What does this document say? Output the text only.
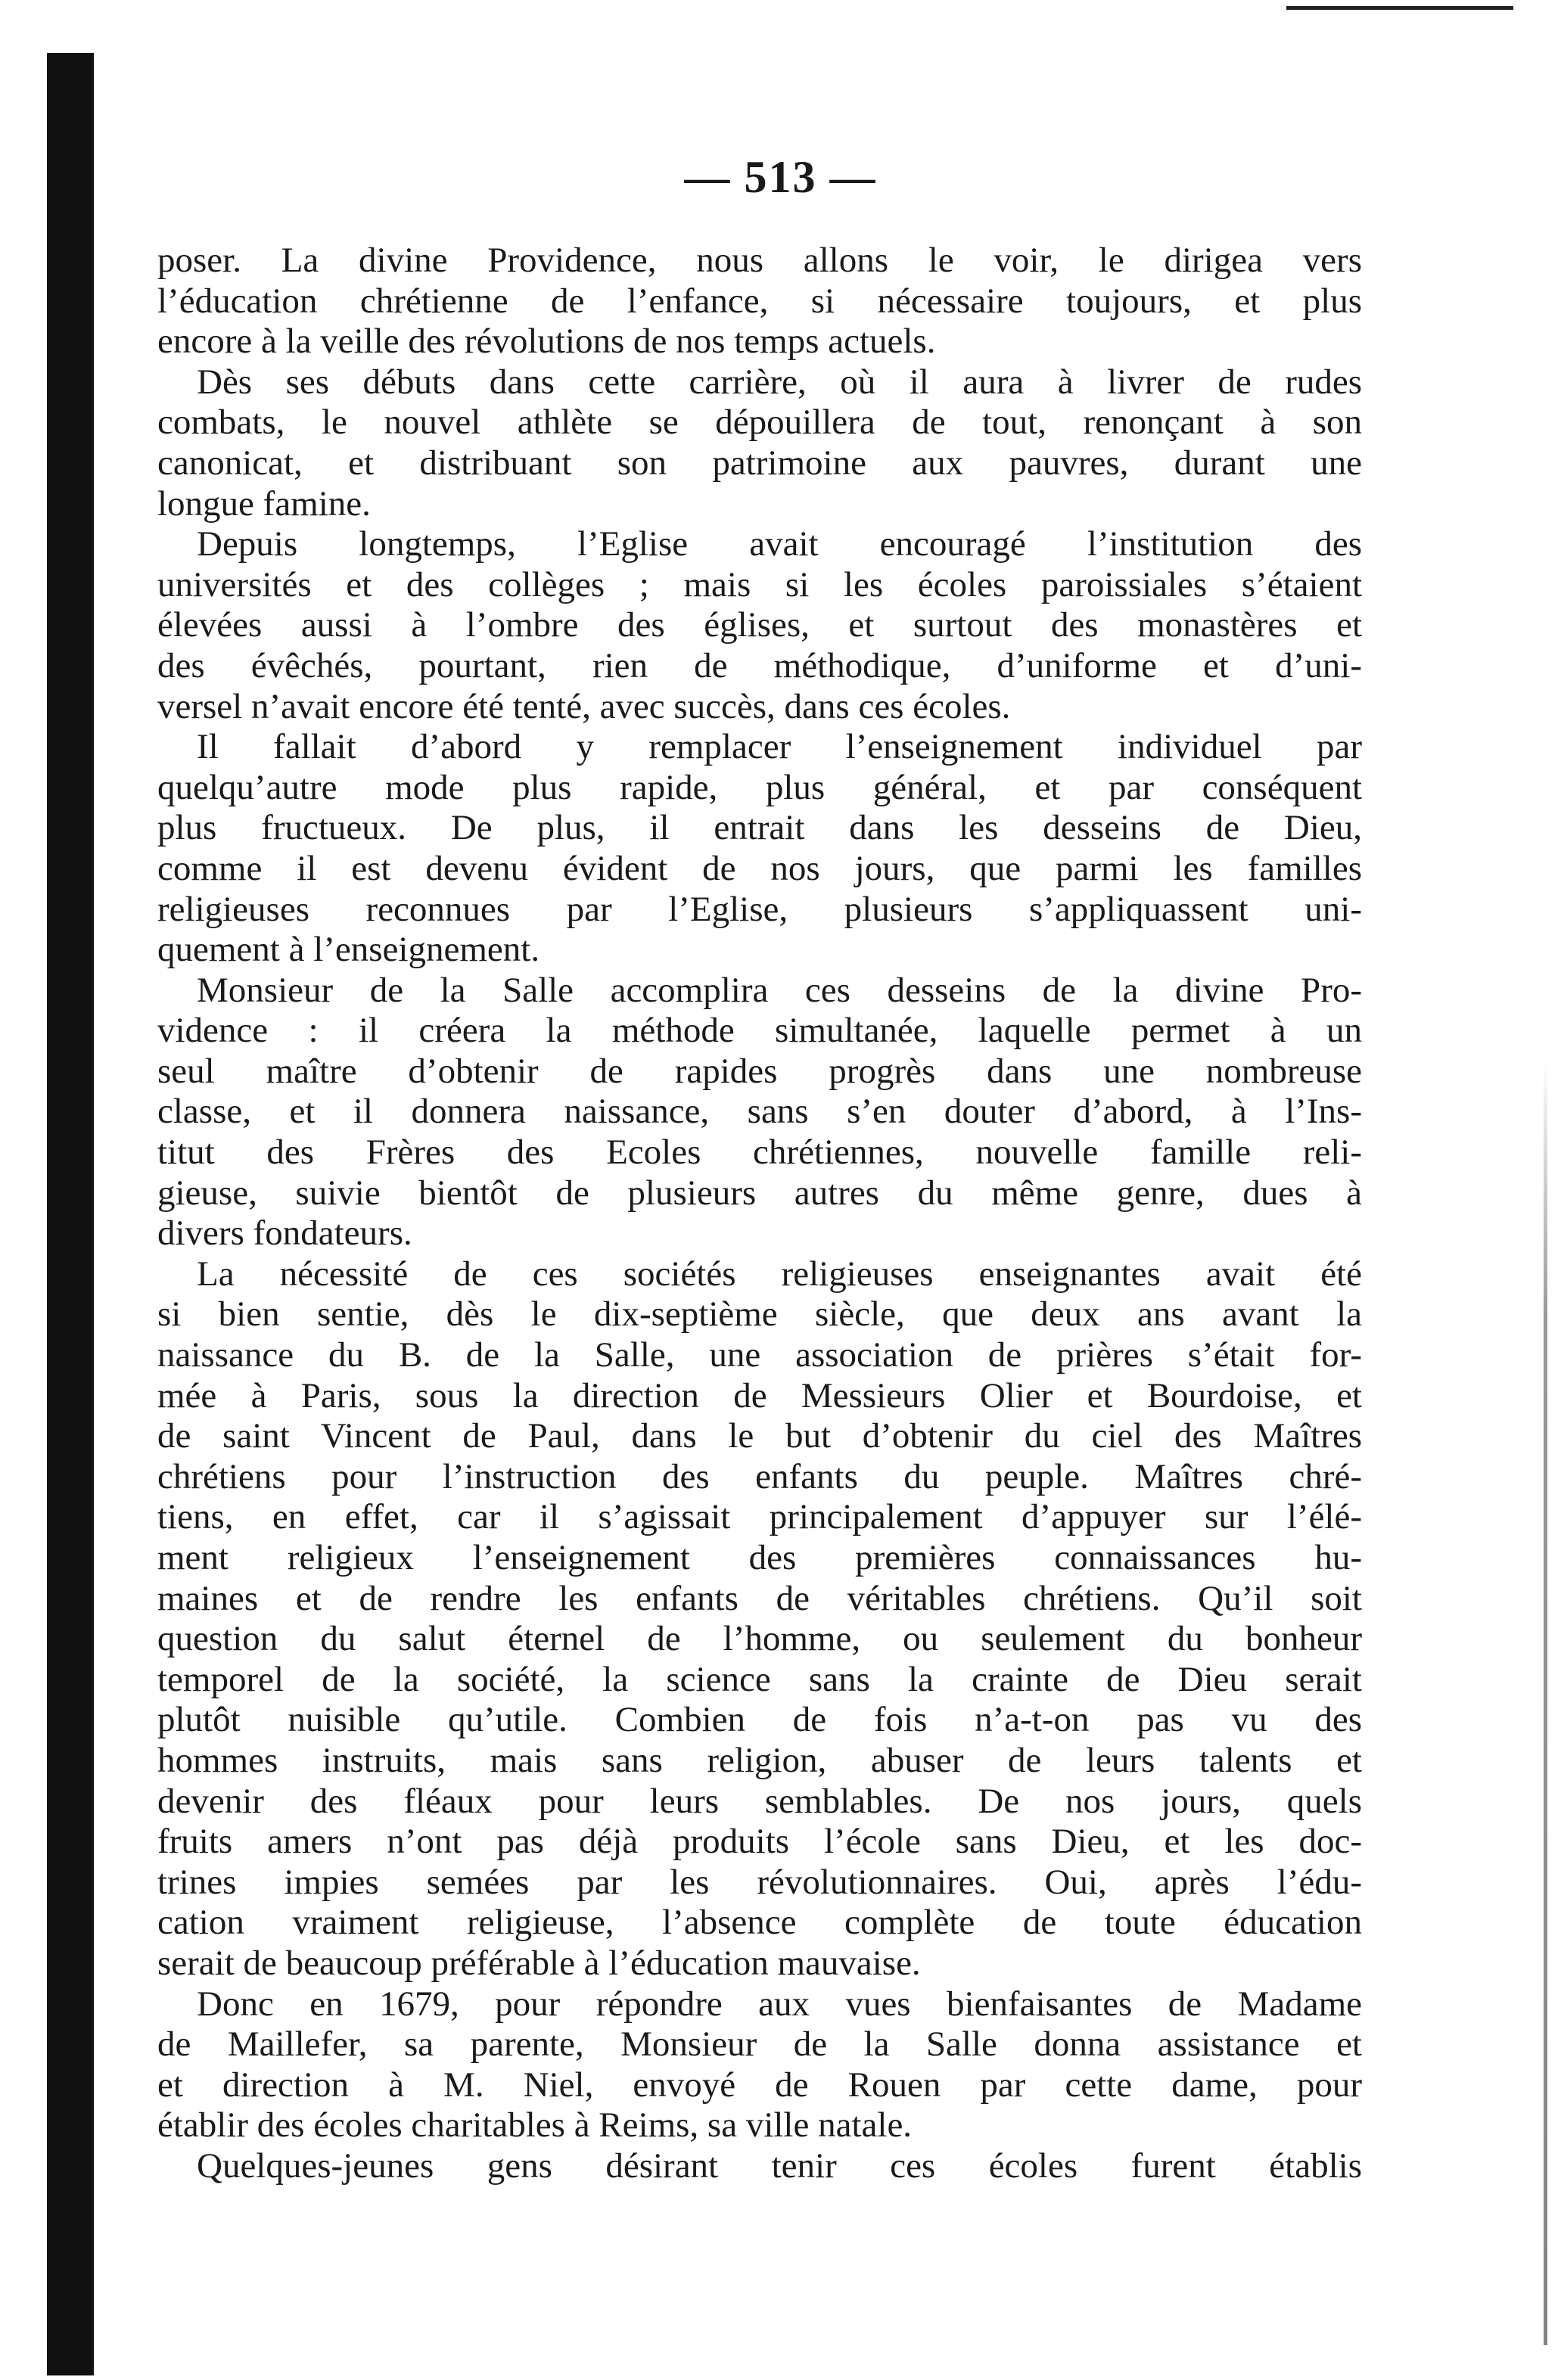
— 513 —
poser. La divine Providence, nous allons le voir, le dirigea vers
l’éducation chrétienne de l’enfance, si nécessaire toujours, et plus
encore à la veille des révolutions de nos temps actuels.
Dès ses débuts dans cette carrière, où il aura à livrer de rudes
combats, le nouvel athlète se dépouillera de tout, renonçant à son
canonicat, et distribuant son patrimoine aux pauvres, durant une
longue famine.
Depuis longtemps, l’Eglise avait encouragé l’institution des
universités et des collèges ; mais si les écoles paroissiales s’étaient
élevées aussi à l’ombre des églises, et surtout des monastères et
des évêchés, pourtant, rien de méthodique, d’uniforme et d’uni-
versel n’avait encore été tenté, avec succès, dans ces écoles.
Il fallait d’abord y remplacer l’enseignement individuel par
quelqu’autre mode plus rapide, plus général, et par conséquent
plus fructueux. De plus, il entrait dans les desseins de Dieu,
comme il est devenu évident de nos jours, que parmi les familles
religieuses reconnues par l’Eglise, plusieurs s’appliquassent uni-
quement à l’enseignement.
Monsieur de la Salle accomplira ces desseins de la divine Pro-
vidence : il créera la méthode simultanée, laquelle permet à un
seul maître d’obtenir de rapides progrès dans une nombreuse
classe, et il donnera naissance, sans s’en douter d’abord, à l’Ins-
titut des Frères des Ecoles chrétiennes, nouvelle famille reli-
gieuse, suivie bientôt de plusieurs autres du même genre, dues à
divers fondateurs.
La nécessité de ces sociétés religieuses enseignantes avait été
si bien sentie, dès le dix-septième siècle, que deux ans avant la
naissance du B. de la Salle, une association de prières s’était for-
mée à Paris, sous la direction de Messieurs Olier et Bourdoise, et
de saint Vincent de Paul, dans le but d’obtenir du ciel des Maîtres
chrétiens pour l’instruction des enfants du peuple. Maîtres chré-
tiens, en effet, car il s’agissait principalement d’appuyer sur l’élé-
ment religieux l’enseignement des premières connaissances hu-
maines et de rendre les enfants de véritables chrétiens. Qu’il soit
question du salut éternel de l’homme, ou seulement du bonheur
temporel de la société, la science sans la crainte de Dieu serait
plutôt nuisible qu’utile. Combien de fois n’a-t-on pas vu des
hommes instruits, mais sans religion, abuser de leurs talents et
devenir des fléaux pour leurs semblables. De nos jours, quels
fruits amers n’ont pas déjà produits l’école sans Dieu, et les doc-
trines impies semées par les révolutionnaires. Oui, après l’édu-
cation vraiment religieuse, l’absence complète de toute éducation
serait de beaucoup préférable à l’éducation mauvaise.
Donc en 1679, pour répondre aux vues bienfaisantes de Madame
de Maillefer, sa parente, Monsieur de la Salle donna assistance et
et direction à M. Niel, envoyé de Rouen par cette dame, pour
établir des écoles charitables à Reims, sa ville natale.
Quelques-jeunes gens désirant tenir ces écoles furent établis
